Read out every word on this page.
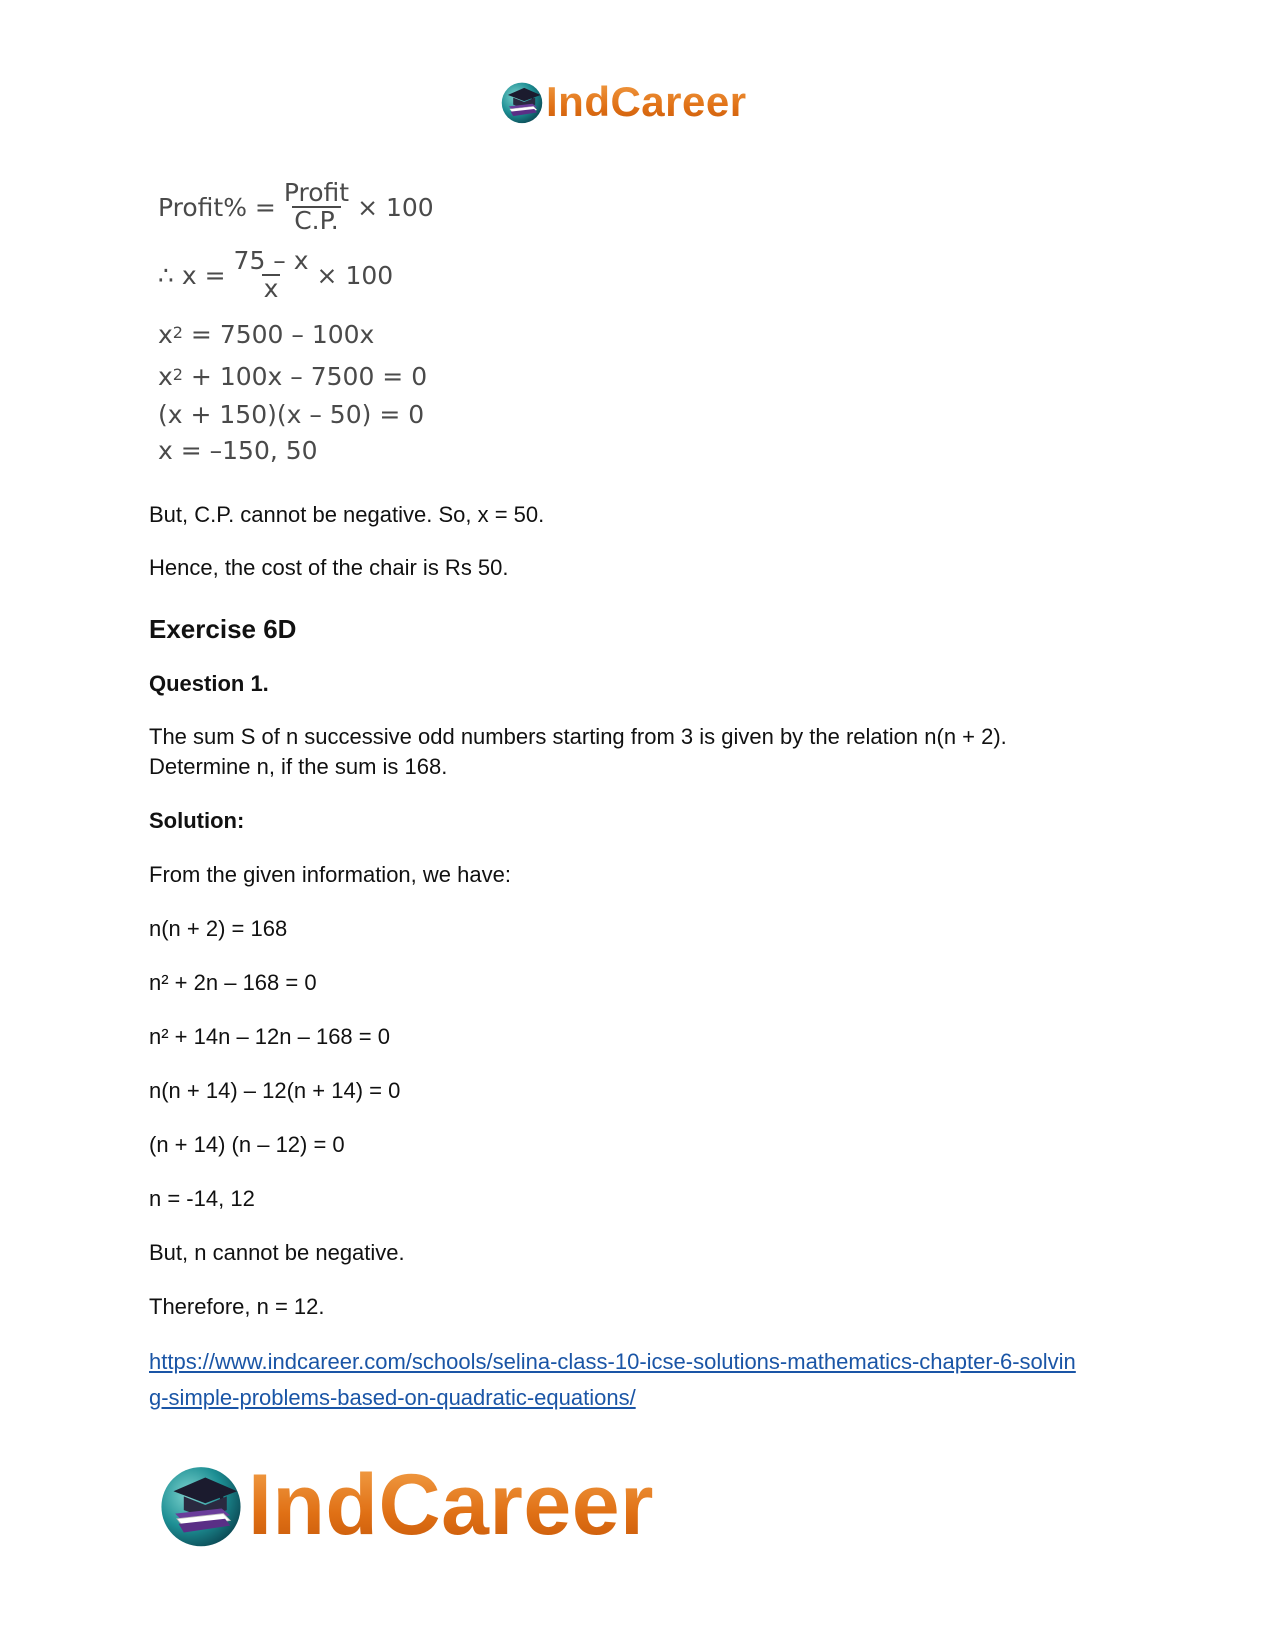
IndCareer
Profit% = $\frac{\text{Profit}}{C.P.} \times 100$
∴ $x = \frac{75 - x}{x} \times 100$
$x^2 = 7500 - 100x$
$x^2 + 100x - 7500 = 0$
(x + 150)(x – 50) = 0
x = –150, 50
But, C.P. cannot be negative. So, x = 50.
Hence, the cost of the chair is Rs 50.
Exercise 6D
Question 1.
The sum S of n successive odd numbers starting from 3 is given by the relation n(n + 2).
Determine n, if the sum is 168.
Solution:
From the given information, we have:
n(n + 2) = 168
n² + 2n – 168 = 0
n² + 14n – 12n – 168 = 0
n(n + 14) – 12(n + 14) = 0
(n + 14) (n – 12) = 0
n = -14, 12
But, n cannot be negative.
Therefore, n = 12.
https://www.indcareer.com/schools/selina-class-10-icse-solutions-mathematics-chapter-6-solvin
g-simple-problems-based-on-quadratic-equations/
IndCareer
